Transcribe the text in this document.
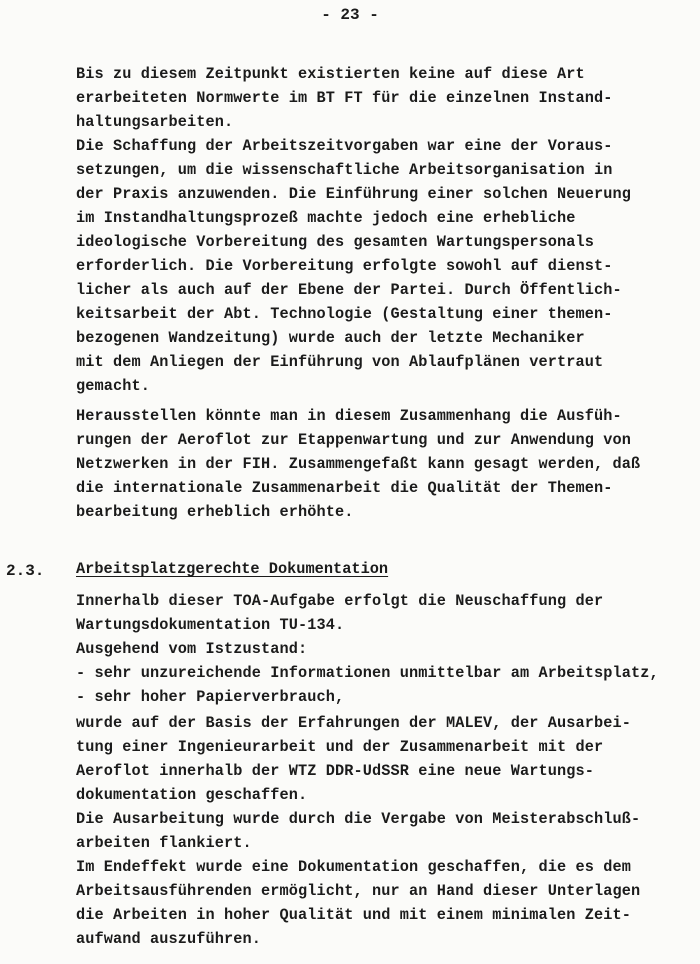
- 23 -
Bis zu diesem Zeitpunkt existierten keine auf diese Art
erarbeiteten Normwerte im BT FT für die einzelnen Instand-
haltungsarbeiten.
Die Schaffung der Arbeitszeitvorgaben war eine der Voraus-
setzungen, um die wissenschaftliche Arbeitsorganisation in
der Praxis anzuwenden. Die Einführung einer solchen Neuerung
im Instandhaltungsprozeß machte jedoch eine erhebliche
ideologische Vorbereitung des gesamten Wartungspersonals
erforderlich. Die Vorbereitung erfolgte sowohl auf dienst-
licher als auch auf der Ebene der Partei. Durch Öffentlich-
keitsarbeit der Abt. Technologie (Gestaltung einer themen-
bezogenen Wandzeitung) wurde auch der letzte Mechaniker
mit dem Anliegen der Einführung von Ablaufplänen vertraut
gemacht.
Herausstellen könnte man in diesem Zusammenhang die Ausfüh-
rungen der Aeroflot zur Etappenwartung und zur Anwendung von
Netzwerken in der FIH. Zusammengefaßt kann gesagt werden, daß
die internationale Zusammenarbeit die Qualität der Themen-
bearbeitung erheblich erhöhte.
2.3. Arbeitsplatzgerechte Dokumentation
Innerhalb dieser TOA-Aufgabe erfolgt die Neuschaffung der
Wartungsdokumentation TU-134.
Ausgehend vom Istzustand:
- sehr unzureichende Informationen unmittelbar am Arbeitsplatz,
- sehr hoher Papierverbrauch,
wurde auf der Basis der Erfahrungen der MALEV, der Ausarbei-
tung einer Ingenieurarbeit und der Zusammenarbeit mit der
Aeroflot innerhalb der WTZ DDR-UdSSR eine neue Wartungs-
dokumentation geschaffen.
Die Ausarbeitung wurde durch die Vergabe von Meisterabschluß-
arbeiten flankiert.
Im Endeffekt wurde eine Dokumentation geschaffen, die es dem
Arbeitsausführenden ermöglicht, nur an Hand dieser Unterlagen
die Arbeiten in hoher Qualität und mit einem minimalen Zeit-
aufwand auszuführen.
